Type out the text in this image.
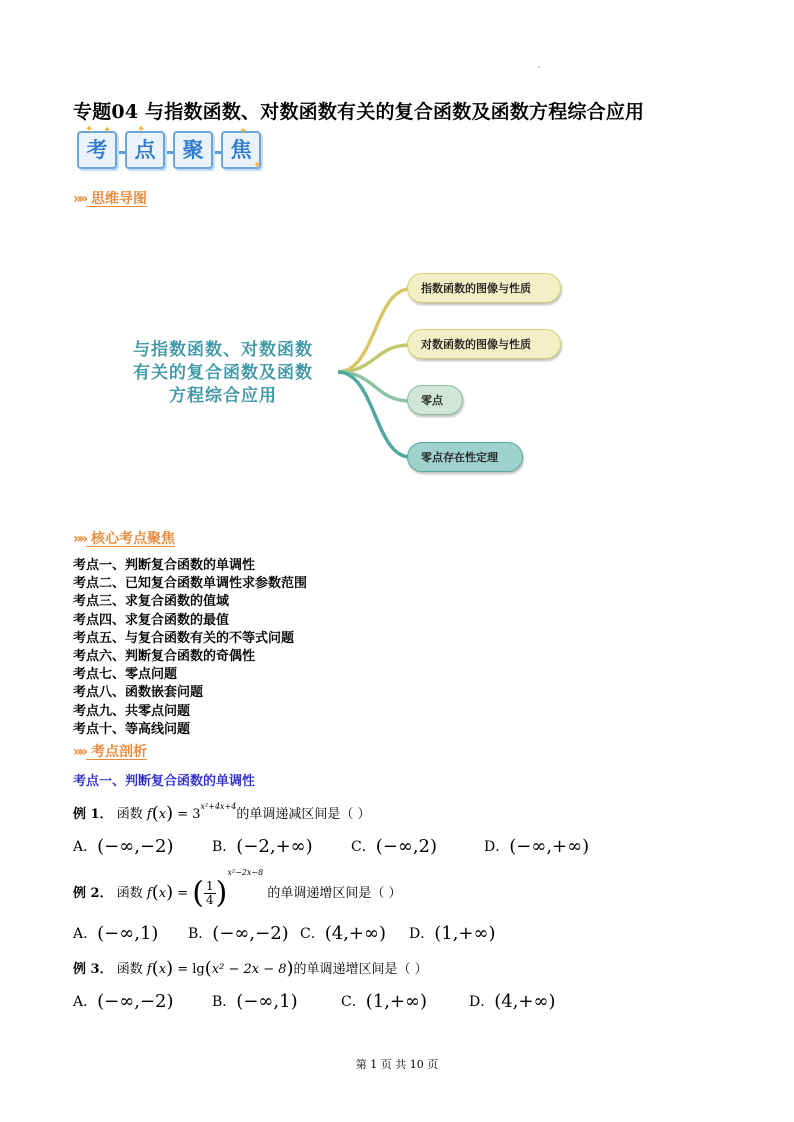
专题04 与指数函数、对数函数有关的复合函数及函数方程综合应用
考	点	聚	焦
✦ ✦	✦	✦
✦
»» 思维导图
与指数函数、对数函数
有关的复合函数及函数
方程综合应用
指数函数的图像与性质
对数函数的图像与性质
零点
零点存在性定理
»» 核心考点聚焦
考点一、判断复合函数的单调性
考点二、已知复合函数单调性求参数范围
考点三、求复合函数的值域
考点四、求复合函数的最值
考点五、与复合函数有关的不等式问题
考点六、判断复合函数的奇偶性
考点七、零点问题
考点八、函数嵌套问题
考点九、共零点问题
考点十、等高线问题
»» 考点剖析
考点一、判断复合函数的单调性
例 1． 函数 $f(x) = 3^{x^2+4x+4}$的单调递减区间是（ ）
A．(−∞,−2)	B．(−2,+∞)	C．(−∞,2)	D．(−∞,+∞)
例 2． 函数 f(x) = ( $\frac{1}{4} )^{x^2-2x-8}$ 的单调递增区间是（ ）
A．(−∞,1) B．(−∞,−2) C．(4,+∞) D．(1,+∞)
例 3． 函数 f(x) = lg(x² − 2x − 8)的单调递增区间是（ ）
A．(−∞,−2)	B．(−∞,1)	C．(1,+∞)	D．(4,+∞)
第 1 页 共 10 页
